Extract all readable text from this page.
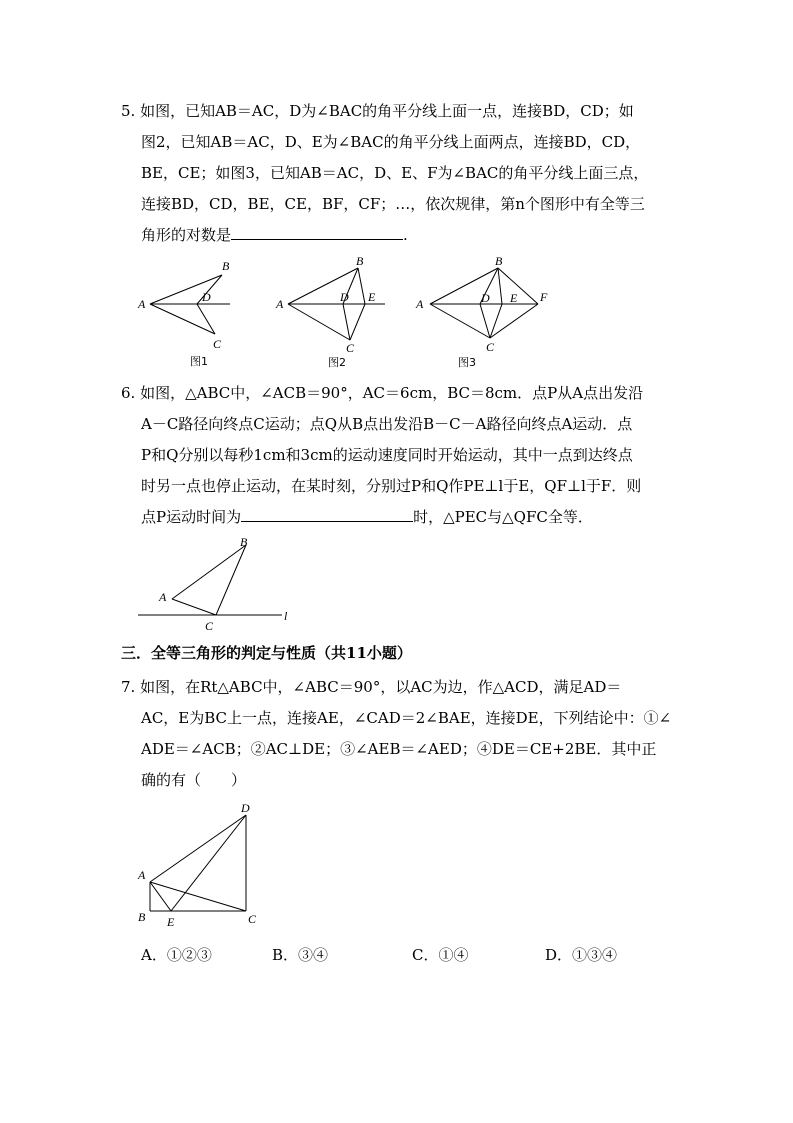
5. 如图，已知AB＝AC，D为∠BAC的角平分线上面一点，连接BD，CD；如
图2，已知AB＝AC，D、E为∠BAC的角平分线上面两点，连接BD，CD，
BE，CE；如图3，已知AB＝AC，D、E、F为∠BAC的角平分线上面三点，
连接BD，CD，BE，CE，BF，CF；…，依次规律，第n个图形中有全等三
角形的对数是	.
A
B
D
C
图1
A
B
D E
C
图2
A
B
D E F
C
图3
6. 如图，△ABC中，∠ACB＝90°，AC＝6cm，BC＝8cm．点P从A点出发沿
A－C路径向终点C运动；点Q从B点出发沿B－C－A路径向终点A运动．点
P和Q分别以每秒1cm和3cm的运动速度同时开始运动，其中一点到达终点
时另一点也停止运动，在某时刻，分别过P和Q作PE⊥l于E，QF⊥l于F．则
点P运动时间为	时，△PEC与△QFC全等．
A
B
C
l
三．全等三角形的判定与性质（共11小题）
7. 如图，在Rt△ABC中，∠ABC＝90°，以AC为边，作△ACD，满足AD＝
AC，E为BC上一点，连接AE，∠CAD＝2∠BAE，连接DE，下列结论中：①∠
ADE＝∠ACB；②AC⊥DE；③∠AEB＝∠AED；④DE＝CE+2BE．其中正
确的有（　　）
D
A
B E	C
A．①②③	B．③④	C．①④	D．①③④
